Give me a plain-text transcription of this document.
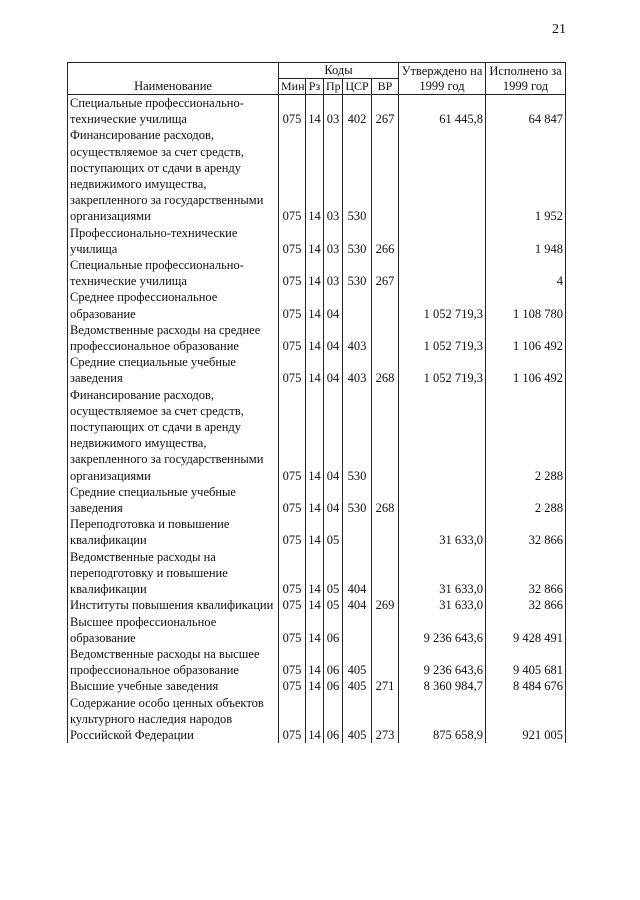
21
Наименование	Коды					Утверждено на 1999 год	Исполнено за 1999 год
	Мин	Рз	Пр	ЦСР	ВР		
Специальные профессионально-технические училища	075	14	03	402	267	61 445,8	64 847
Финансирование расходов, осуществляемое за счет средств, поступающих от сдачи в аренду недвижимого имущества, закрепленного за государственными организациями	075	14	03	530			1 952
Профессионально-технические училища	075	14	03	530	266		1 948
Специальные профессионально-технические училища	075	14	03	530	267		4
Среднее профессиональное образование	075	14	04			1 052 719,3	1 108 780
Ведомственные расходы на среднее профессиональное образование	075	14	04	403		1 052 719,3	1 106 492
Средние специальные учебные заведения	075	14	04	403	268	1 052 719,3	1 106 492
Финансирование расходов, осуществляемое за счет средств, поступающих от сдачи в аренду недвижимого имущества, закрепленного за государственными организациями	075	14	04	530			2 288
Средние специальные учебные заведения	075	14	04	530	268		2 288
Переподготовка и повышение квалификации	075	14	05			31 633,0	32 866
Ведомственные расходы на переподготовку и повышение квалификации	075	14	05	404		31 633,0	32 866
Институты повышения квалификации	075	14	05	404	269	31 633,0	32 866
Высшее профессиональное образование	075	14	06			9 236 643,6	9 428 491
Ведомственные расходы на высшее профессиональное образование	075	14	06	405		9 236 643,6	9 405 681
Высшие учебные заведения	075	14	06	405	271	8 360 984,7	8 484 676
Содержание особо ценных объектов культурного наследия народов Российской Федерации	075	14	06	405	273	875 658,9	921 005
